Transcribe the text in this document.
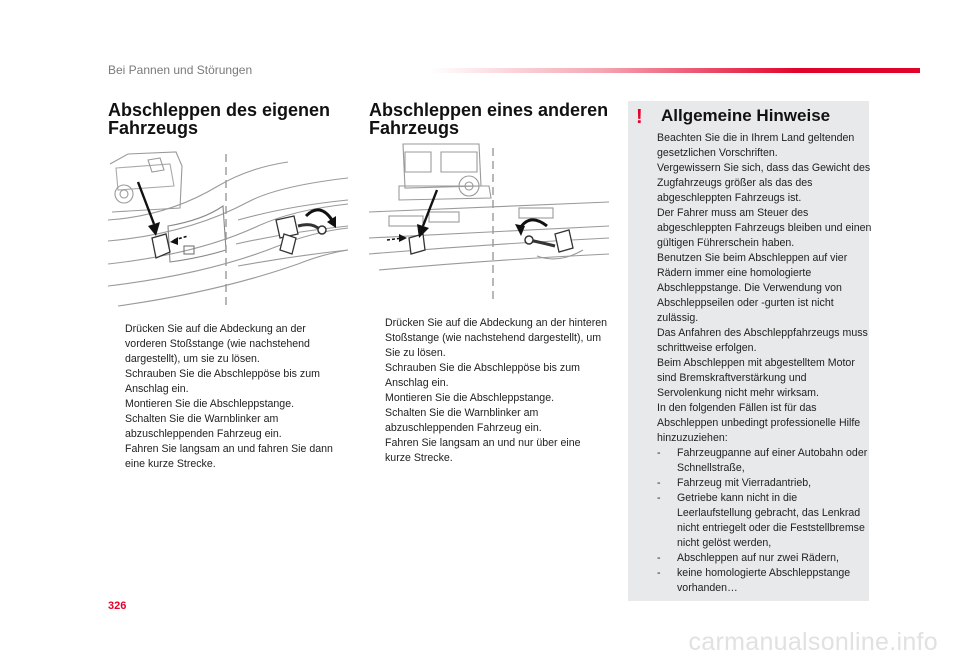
Bei Pannen und Störungen
Abschleppen des eigenen Fahrzeugs
Drücken Sie auf die Abdeckung an der vorderen Stoßstange (wie nachstehend dargestellt), um sie zu lösen.
Schrauben Sie die Abschleppöse bis zum Anschlag ein.
Montieren Sie die Abschleppstange.
Schalten Sie die Warnblinker am abzuschleppenden Fahrzeug ein.
Fahren Sie langsam an und fahren Sie dann eine kurze Strecke.
Abschleppen eines anderen Fahrzeugs
Drücken Sie auf die Abdeckung an der hinteren Stoßstange (wie nachstehend dargestellt), um Sie zu lösen.
Schrauben Sie die Abschleppöse bis zum Anschlag ein.
Montieren Sie die Abschleppstange.
Schalten Sie die Warnblinker am abzuschleppenden Fahrzeug ein.
Fahren Sie langsam an und nur über eine kurze Strecke.
! Allgemeine Hinweise

Beachten Sie die in Ihrem Land geltenden gesetzlichen Vorschriften.

Vergewissern Sie sich, dass das Gewicht des Zugfahrzeugs größer als das des abgeschleppten Fahrzeugs ist.

Der Fahrer muss am Steuer des abgeschleppten Fahrzeugs bleiben und einen gültigen Führerschein haben.

Benutzen Sie beim Abschleppen auf vier Rädern immer eine homologierte Abschleppstange. Die Verwendung von Abschleppseilen oder -gurten ist nicht zulässig.

Das Anfahren des Abschleppfahrzeugs muss schrittweise erfolgen.

Beim Abschleppen mit abgestelltem Motor sind Bremskraftverstärkung und Servolenkung nicht mehr wirksam.

In den folgenden Fällen ist für das Abschleppen unbedingt professionelle Hilfe hinzuzuziehen:

- Fahrzeugpanne auf einer Autobahn oder Schnellstraße,
- Fahrzeug mit Vierradantrieb,
- Getriebe kann nicht in die Leerlaufstellung gebracht, das Lenkrad nicht entriegelt oder die Feststellbremse nicht gelöst werden,
- Abschleppen auf nur zwei Rädern,
- keine homologierte Abschleppstange vorhanden…
326
carmanualsonline.info
